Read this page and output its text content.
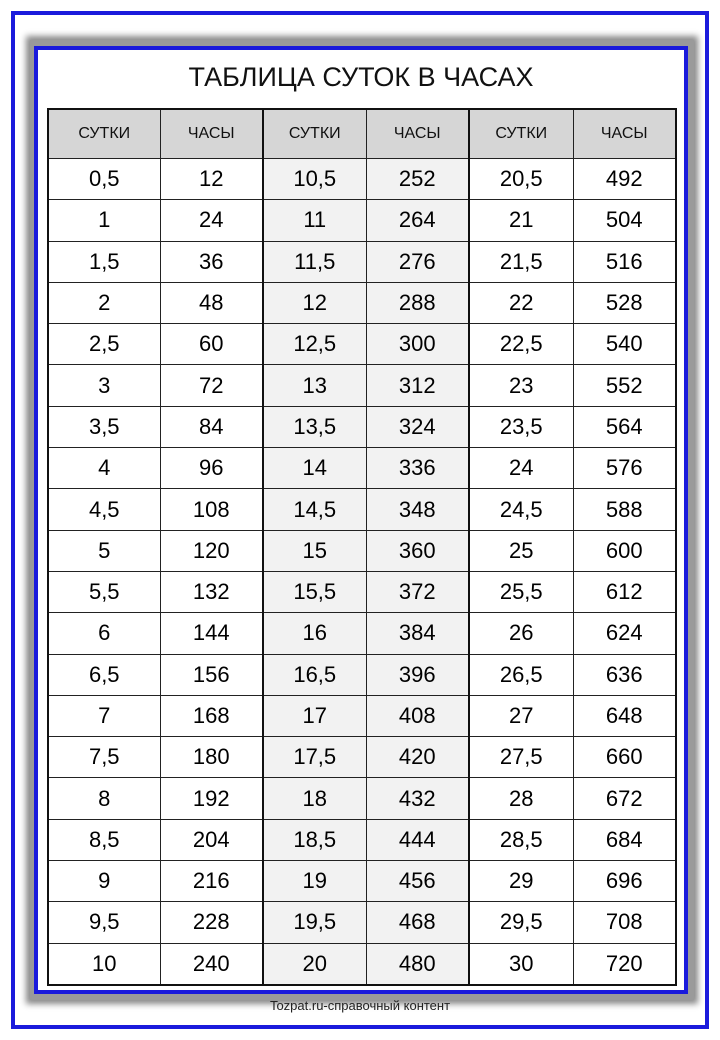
ТАБЛИЦА СУТОК В ЧАСАХ
СУТКИ	ЧАСЫ	СУТКИ	ЧАСЫ	СУТКИ	ЧАСЫ
0,5	12	10,5	252	20,5	492
1	24	11	264	21	504
1,5	36	11,5	276	21,5	516
2	48	12	288	22	528
2,5	60	12,5	300	22,5	540
3	72	13	312	23	552
3,5	84	13,5	324	23,5	564
4	96	14	336	24	576
4,5	108	14,5	348	24,5	588
5	120	15	360	25	600
5,5	132	15,5	372	25,5	612
6	144	16	384	26	624
6,5	156	16,5	396	26,5	636
7	168	17	408	27	648
7,5	180	17,5	420	27,5	660
8	192	18	432	28	672
8,5	204	18,5	444	28,5	684
9	216	19	456	29	696
9,5	228	19,5	468	29,5	708
10	240	20	480	30	720
Tozpat.ru-справочный контент
